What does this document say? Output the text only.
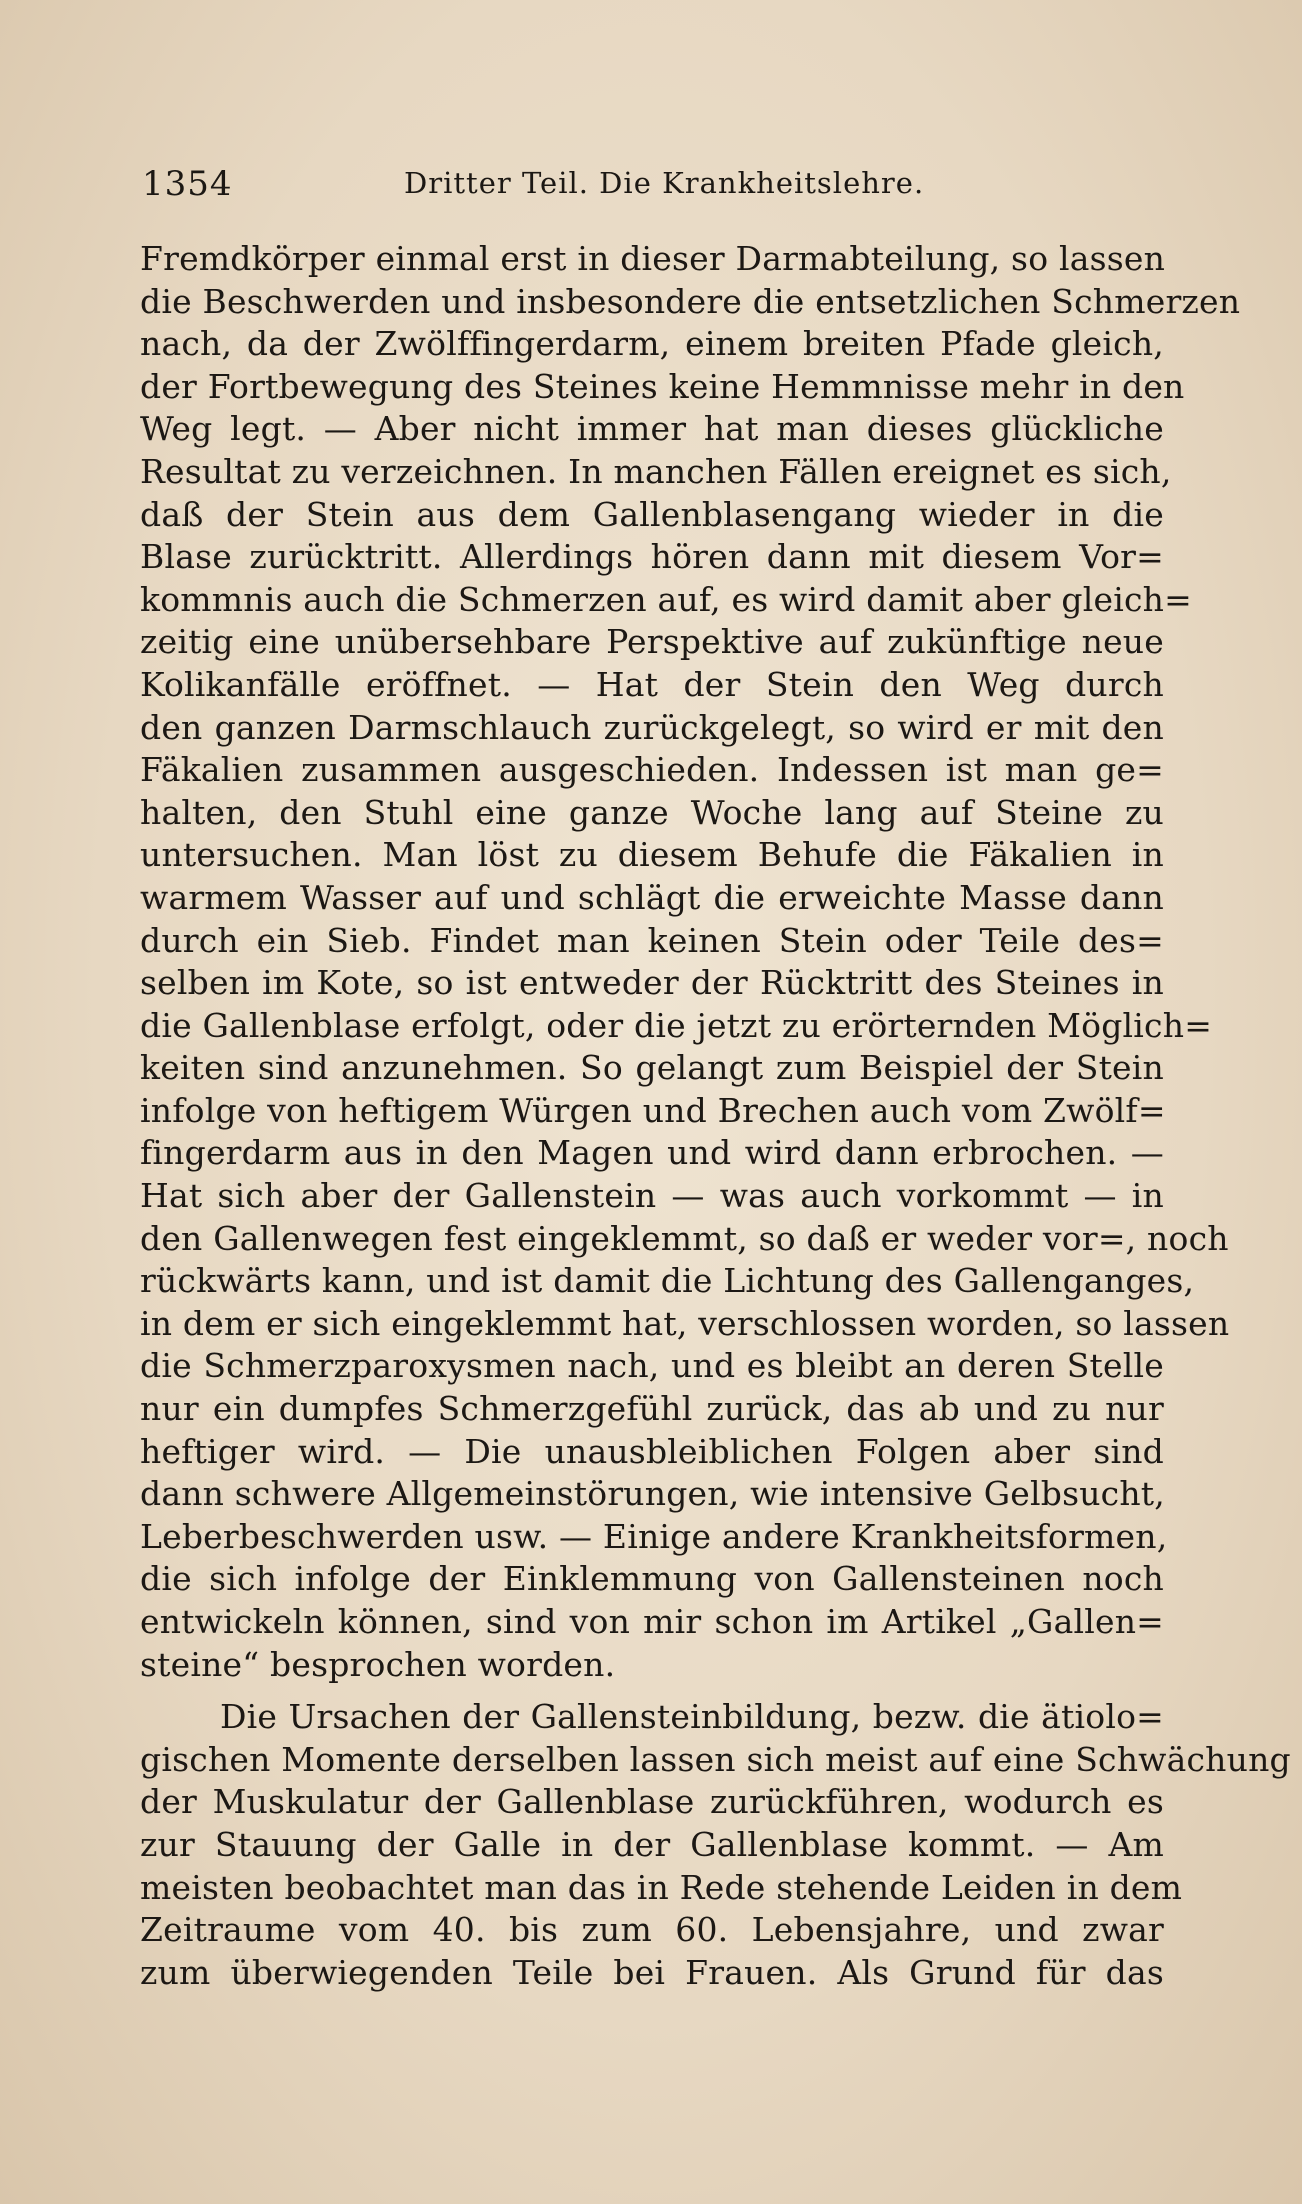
1354	Dritter Teil. Die Krankheitslehre.
Fremdkörper einmal erst in dieser Darmabteilung, so lassen
die Beschwerden und insbesondere die entsetzlichen Schmerzen
nach, da der Zwölffingerdarm, einem breiten Pfade gleich,
der Fortbewegung des Steines keine Hemmnisse mehr in den
Weg legt. — Aber nicht immer hat man dieses glückliche
Resultat zu verzeichnen. In manchen Fällen ereignet es sich,
daß der Stein aus dem Gallenblasengang wieder in die
Blase zurücktritt. Allerdings hören dann mit diesem Vor=
kommnis auch die Schmerzen auf, es wird damit aber gleich=
zeitig eine unübersehbare Perspektive auf zukünftige neue
Kolikanfälle eröffnet. — Hat der Stein den Weg durch
den ganzen Darmschlauch zurückgelegt, so wird er mit den
Fäkalien zusammen ausgeschieden. Indessen ist man ge=
halten, den Stuhl eine ganze Woche lang auf Steine zu
untersuchen. Man löst zu diesem Behufe die Fäkalien in
warmem Wasser auf und schlägt die erweichte Masse dann
durch ein Sieb. Findet man keinen Stein oder Teile des=
selben im Kote, so ist entweder der Rücktritt des Steines in
die Gallenblase erfolgt, oder die jetzt zu erörternden Möglich=
keiten sind anzunehmen. So gelangt zum Beispiel der Stein
infolge von heftigem Würgen und Brechen auch vom Zwölf=
fingerdarm aus in den Magen und wird dann erbrochen. —
Hat sich aber der Gallenstein — was auch vorkommt — in
den Gallenwegen fest eingeklemmt, so daß er weder vor=, noch
rückwärts kann, und ist damit die Lichtung des Gallenganges,
in dem er sich eingeklemmt hat, verschlossen worden, so lassen
die Schmerzparoxysmen nach, und es bleibt an deren Stelle
nur ein dumpfes Schmerzgefühl zurück, das ab und zu nur
heftiger wird. — Die unausbleiblichen Folgen aber sind
dann schwere Allgemeinstörungen, wie intensive Gelbsucht,
Leberbeschwerden usw. — Einige andere Krankheitsformen,
die sich infolge der Einklemmung von Gallensteinen noch
entwickeln können, sind von mir schon im Artikel „Gallen=
steine“ besprochen worden.
Die Ursachen der Gallensteinbildung, bezw. die ätiolo=
gischen Momente derselben lassen sich meist auf eine Schwächung
der Muskulatur der Gallenblase zurückführen, wodurch es
zur Stauung der Galle in der Gallenblase kommt. — Am
meisten beobachtet man das in Rede stehende Leiden in dem
Zeitraume vom 40. bis zum 60. Lebensjahre, und zwar
zum überwiegenden Teile bei Frauen. Als Grund für das
